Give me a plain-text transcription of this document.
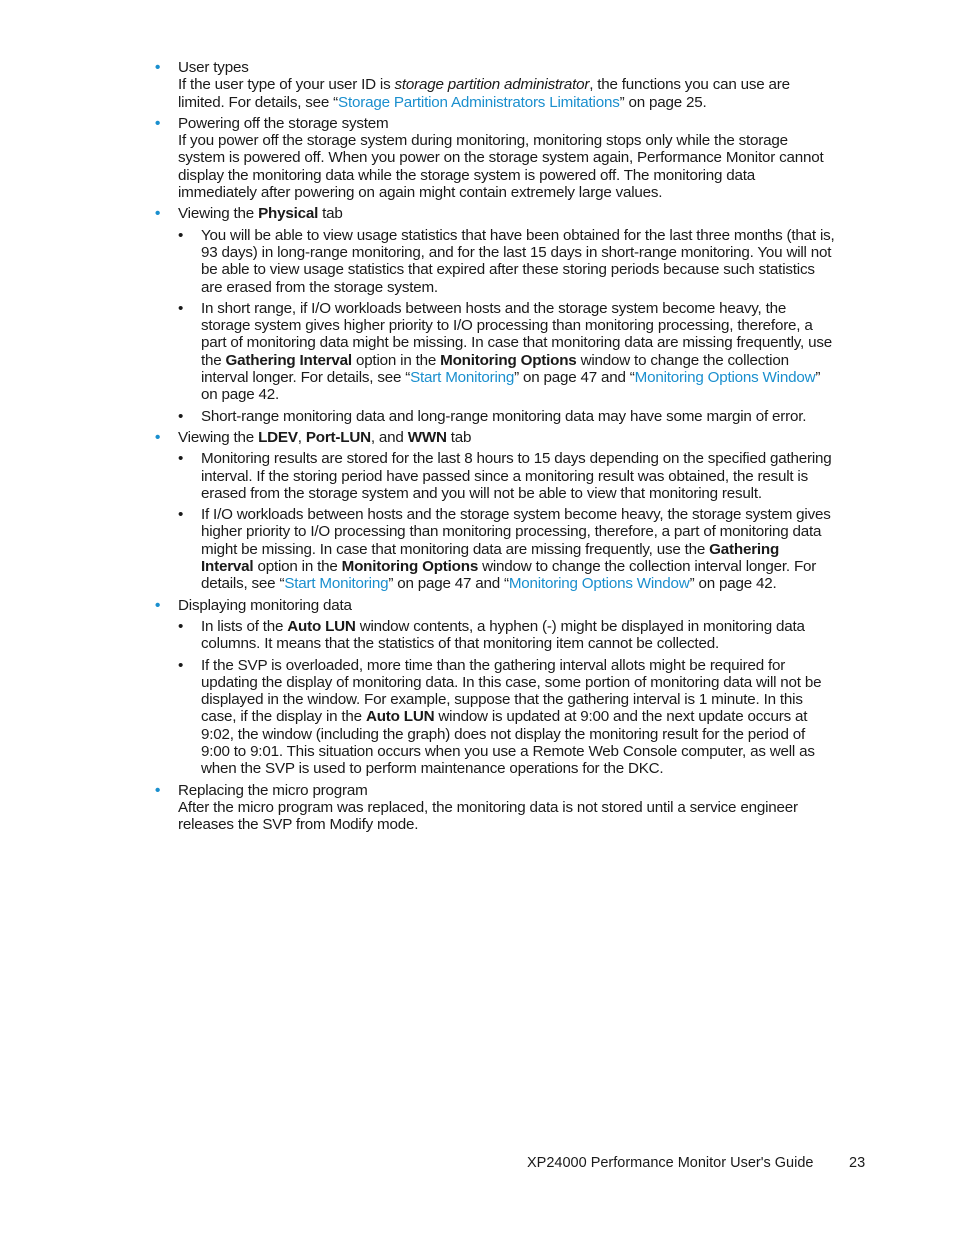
• User types
If the user type of your user ID is storage partition administrator, the functions you can use are limited. For details, see “Storage Partition Administrators Limitations” on page 25.
• Powering off the storage system
If you power off the storage system during monitoring, monitoring stops only while the storage system is powered off. When you power on the storage system again, Performance Monitor cannot display the monitoring data while the storage system is powered off. The monitoring data immediately after powering on again might contain extremely large values.
• Viewing the Physical tab
• You will be able to view usage statistics that have been obtained for the last three months (that is, 93 days) in long-range monitoring, and for the last 15 days in short-range monitoring. You will not be able to view usage statistics that expired after these storing periods because such statistics are erased from the storage system.
• In short range, if I/O workloads between hosts and the storage system become heavy, the storage system gives higher priority to I/O processing than monitoring processing, therefore, a part of monitoring data might be missing. In case that monitoring data are missing frequently, use the Gathering Interval option in the Monitoring Options window to change the collection interval longer. For details, see “Start Monitoring” on page 47 and “Monitoring Options Window” on page 42.
• Short-range monitoring data and long-range monitoring data may have some margin of error.
• Viewing the LDEV, Port-LUN, and WWN tab
• Monitoring results are stored for the last 8 hours to 15 days depending on the specified gathering interval. If the storing period have passed since a monitoring result was obtained, the result is erased from the storage system and you will not be able to view that monitoring result.
• If I/O workloads between hosts and the storage system become heavy, the storage system gives higher priority to I/O processing than monitoring processing, therefore, a part of monitoring data might be missing. In case that monitoring data are missing frequently, use the Gathering Interval option in the Monitoring Options window to change the collection interval longer. For details, see “Start Monitoring” on page 47 and “Monitoring Options Window” on page 42.
• Displaying monitoring data
• In lists of the Auto LUN window contents, a hyphen (-) might be displayed in monitoring data columns. It means that the statistics of that monitoring item cannot be collected.
• If the SVP is overloaded, more time than the gathering interval allots might be required for updating the display of monitoring data. In this case, some portion of monitoring data will not be displayed in the window. For example, suppose that the gathering interval is 1 minute. In this case, if the display in the Auto LUN window is updated at 9:00 and the next update occurs at 9:02, the window (including the graph) does not display the monitoring result for the period of 9:00 to 9:01. This situation occurs when you use a Remote Web Console computer, as well as when the SVP is used to perform maintenance operations for the DKC.
• Replacing the micro program
After the micro program was replaced, the monitoring data is not stored until a service engineer releases the SVP from Modify mode.
XP24000 Performance Monitor User's Guide 23
